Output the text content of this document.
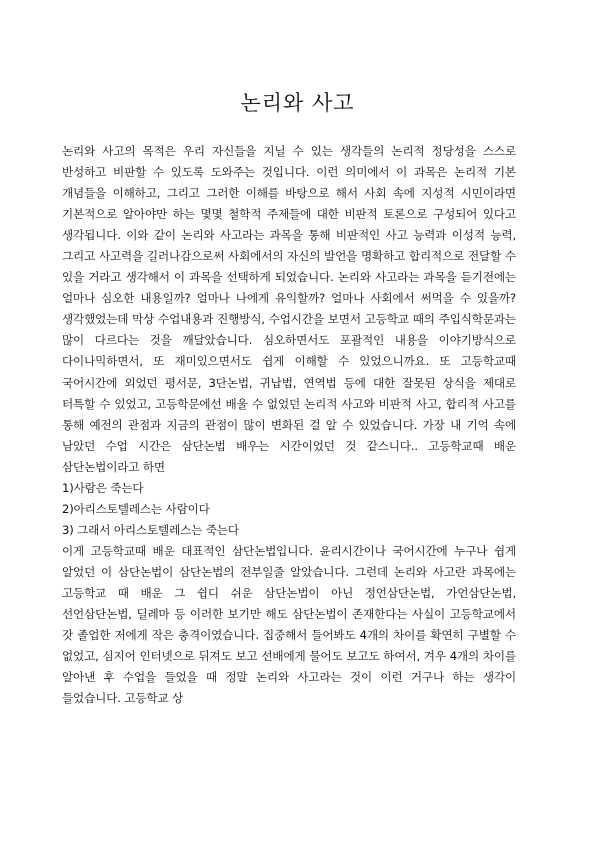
논리와 사고

논리와 사고의 목적은 우리 자신들을 지닐 수 있는 생각들의 논리적 정당성을 스스로 반성하고 비판할 수 있도록 도와주는 것입니다. 이런 의미에서 이 과목은 논리적 기본 개념들을 이해하고, 그리고 그러한 이해를 바탕으로 해서 사회 속에 지성적 시민이라면 기본적으로 알아야만 하는 몇몇 철학적 주제들에 대한 비판적 토론으로 구성되어 있다고 생각됩니다. 이와 같이 논리와 사고라는 과목을 통해 비판적인 사고 능력과 이성적 능력, 그리고 사고력을 길러나감으로써 사회에서의 자신의 발언을 명확하고 합리적으로 전달할 수 있을 거라고 생각해서 이 과목을 선택하게 되었습니다. 논리와 사고라는 과목을 듣기전에는 얼마나 심오한 내용일까? 얼마나 나에게 유익할까? 얼마나 사회에서 써먹을 수 있을까? 생각했었는데 막상 수업내용과 진행방식, 수업시간을 보면서 고등학교 때의 주입식학문과는 많이 다르다는 것을 깨달았습니다. 심오하면서도 포괄적인 내용을 이야기방식으로 다이나믹하면서, 또 재미있으면서도 쉽게 이해할 수 있었으니까요. 또 고등학교때 국어시간에 외었던 평서문, 3단논법, 귀납법, 연역법 등에 대한 잘못된 상식을 제대로 터특할 수 있었고, 고등학문에선 배울 수 없었던 논리적 사고와 비판적 사고, 합리적 사고를 통해 예전의 관점과 지금의 관점이 많이 변화된 걸 알 수 있었습니다. 가장 내 기억 속에 남았던 수업 시간은 삼단논법 배우는 시간이었던 것 같스니다.. 고등학교때 배운 삼단논법이라고 하면

1)사람은 죽는다

2)아리스토텔레스는 사람이다

3) 그래서 아리스토텔레스는 죽는다

이게 고등학교때 배운 대표적인 삼단논법입니다. 윤리시간이나 국어시간에 누구나 쉽게 알었던 이 삼단논법이 삼단논법의 전부일줄 알았습니다. 그런데 논리와 사고란 과목에는 고등학교 때 배운 그 쉽디 쉬운 삼단논법이 아닌 정언삼단논법, 가언삼단논법, 선언삼단논법, 딜레마 등 이러한 보기만 해도 삼단논법이 존재한다는 사실이 고등학교에서 갓 졸업한 저에게 작은 충격이였습니다. 집중해서 들어봐도 4개의 차이를 확연히 구별할 수 없었고, 심지어 인터넷으로 뒤져도 보고 선배에게 물어도 보고도 하여서, 겨우 4개의 차이를 알아낸 후 수업을 들었을 때 정말 논리와 사고라는 것이 이런 거구나 하는 생각이 들었습니다. 고등학교 상
